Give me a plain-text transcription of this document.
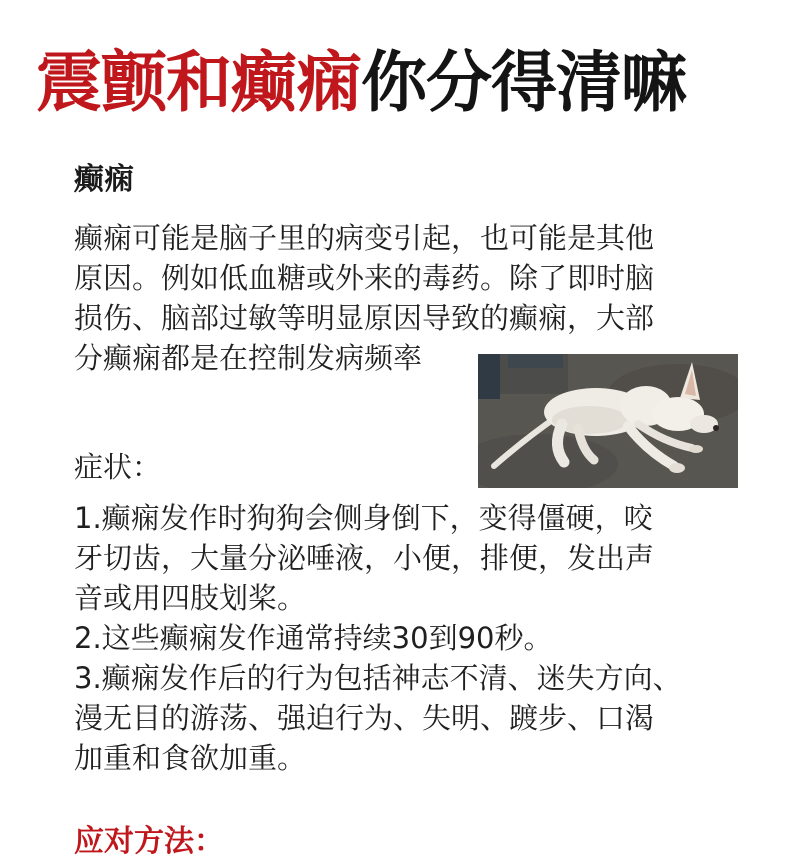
震颤和癫痫你分得清嘛
癫痫
癫痫可能是脑子里的病变引起，也可能是其他
原因。例如低血糖或外来的毒药。除了即时脑
损伤、脑部过敏等明显原因导致的癫痫，大部
分癫痫都是在控制发病频率
症状：
1.癫痫发作时狗狗会侧身倒下，变得僵硬，咬
牙切齿，大量分泌唾液，小便，排便，发出声
音或用四肢划桨。
2.这些癫痫发作通常持续30到90秒。
3.癫痫发作后的行为包括神志不清、迷失方向、
漫无目的游荡、强迫行为、失明、踱步、口渴
加重和食欲加重。
应对方法：
